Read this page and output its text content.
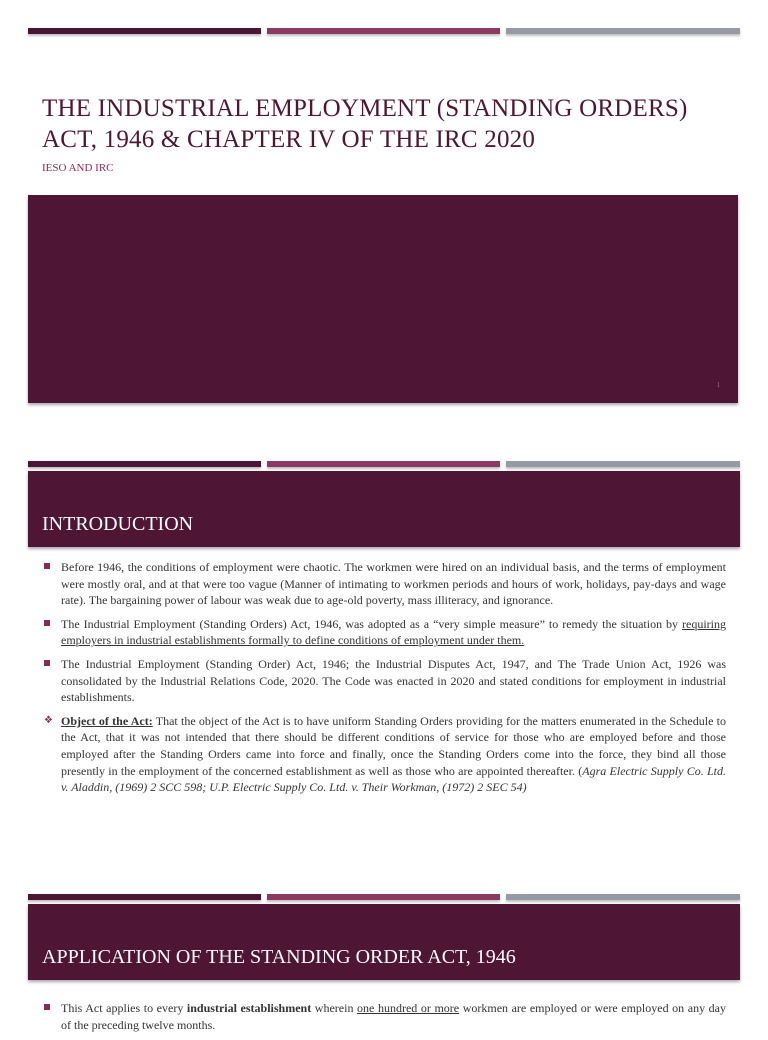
THE INDUSTRIAL EMPLOYMENT (STANDING ORDERS)
ACT, 1946 & CHAPTER IV OF THE IRC 2020
IESO AND IRC
1
INTRODUCTION
Before 1946, the conditions of employment were chaotic. The workmen were hired on an individual basis, and the terms of employment were mostly oral, and at that were too vague (Manner of intimating to workmen periods and hours of work, holidays, pay-days and wage rate). The bargaining power of labour was weak due to age-old poverty, mass illiteracy, and ignorance.
The Industrial Employment (Standing Orders) Act, 1946, was adopted as a “very simple measure” to remedy the situation by requiring employers in industrial establishments formally to define conditions of employment under them.
The Industrial Employment (Standing Order) Act, 1946; the Industrial Disputes Act, 1947, and The Trade Union Act, 1926 was consolidated by the Industrial Relations Code, 2020. The Code was enacted in 2020 and stated conditions for employment in industrial establishments.
❖ Object of the Act: That the object of the Act is to have uniform Standing Orders providing for the matters enumerated in the Schedule to the Act, that it was not intended that there should be different conditions of service for those who are employed before and those employed after the Standing Orders came into force and finally, once the Standing Orders come into the force, they bind all those presently in the employment of the concerned establishment as well as those who are appointed thereafter. (Agra Electric Supply Co. Ltd. v. Aladdin, (1969) 2 SCC 598; U.P. Electric Supply Co. Ltd. v. Their Workman, (1972) 2 SEC 54)
APPLICATION OF THE STANDING ORDER ACT, 1946
This Act applies to every industrial establishment wherein one hundred or more workmen are employed or were employed on any day of the preceding twelve months.
